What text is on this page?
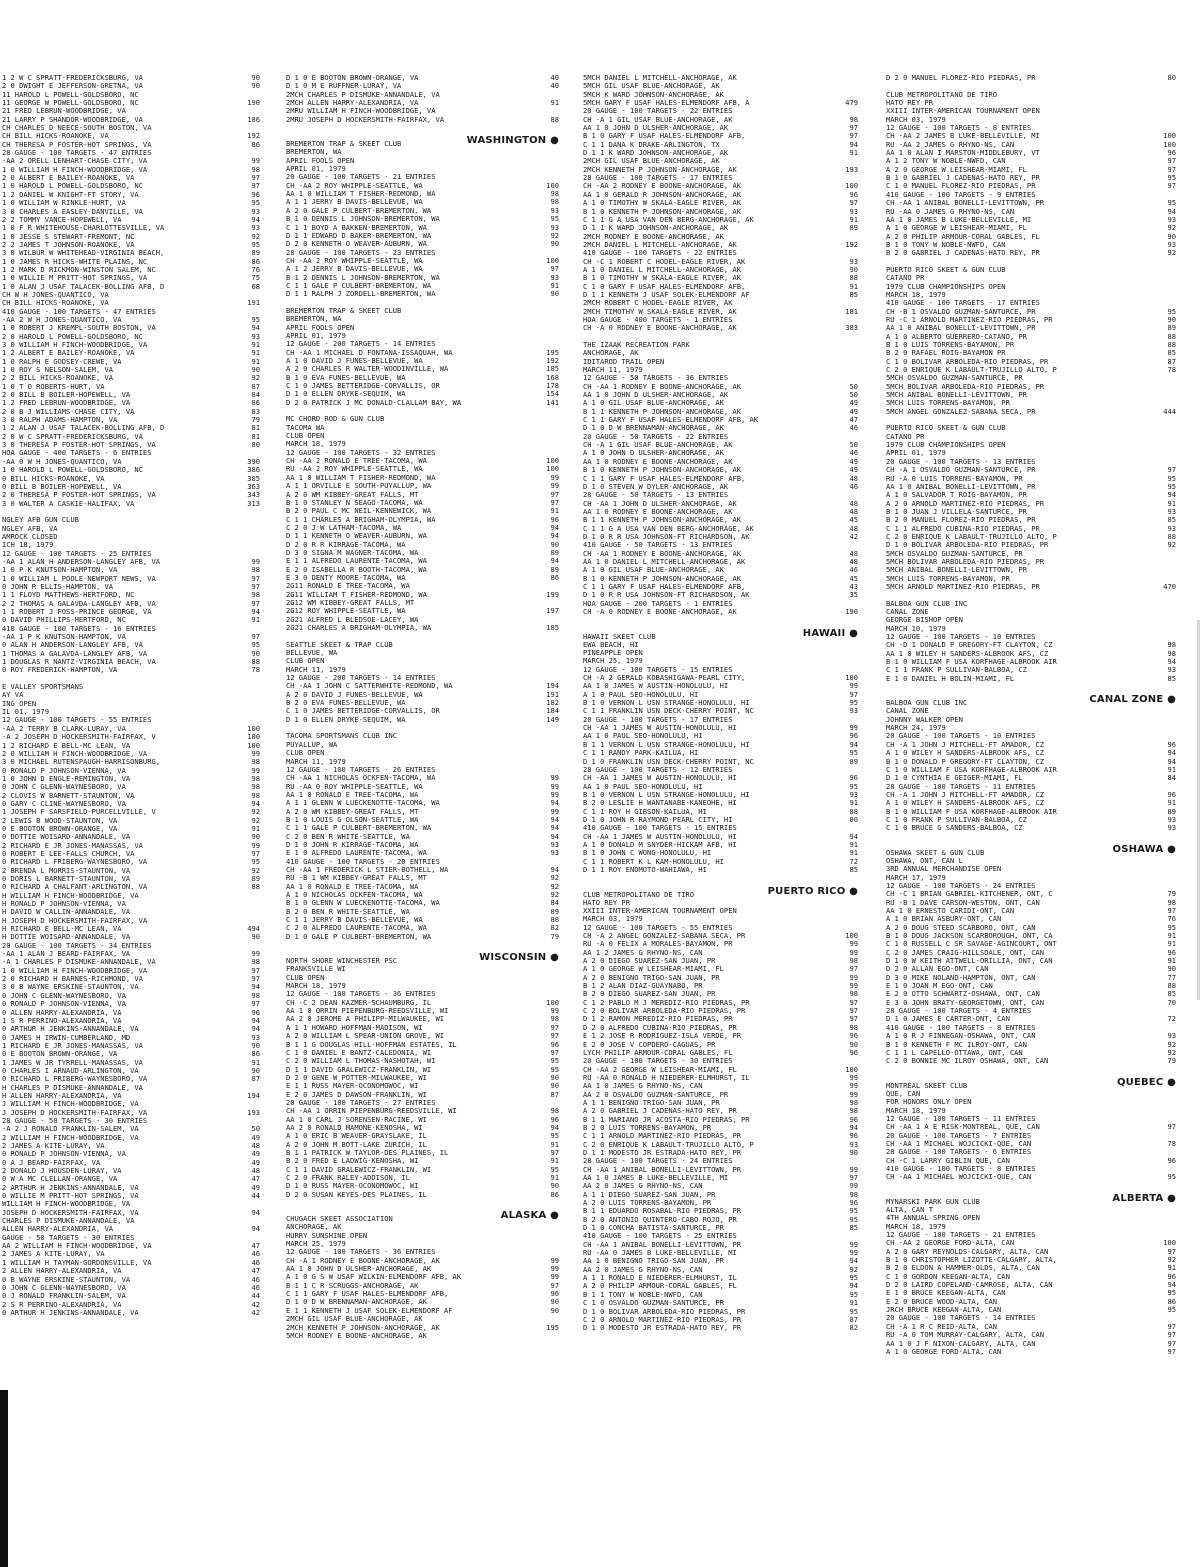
1 2 W C SPRATT-FREDERICKSBURG, VA	90
2 0 DWIGHT E JEFFERSON-GRETNA, VA	90
11 HAROLD L POWELL-GOLDSBORO, NC
11 GEORGE W POWELL-GOLDSBORO, NC	190
21 FRED LEBRUN-WOODBRIDGE, VA
21 LARRY P SHANDOR-WOODBRIDGE, VA	186
CH CHARLES D NEECE-SOUTH BOSTON, VA
CH BILL HICKS-ROANOKE, VA	192
CH THERESA P FOSTER-HOT SPRINGS, VA	86
28 GAUGE - 100 TARGETS - 47 ENTRIES
-AA 2 ORELL LENHART-CHASE CITY, VA	99
1 0 WILLIAM H FINCH-WOODBRIDGE, VA	98
2 0 ALBERT E BAILEY-ROANOKE, VA	97
1 0 HAROLD L POWELL-GOLDSBORO, NC	97
1 2 DANIEL W KNIGHT-FT STORY, VA	96
1 0 WILLIAM W RINKLE-HURT, VA	95
3 0 CHARLES A EASLEY-DANVILLE, VA	93
2 2 TOMMY VANCE-HOPEWELL, VA	94
1 0 F R WHITEHOUSE-CHARLOTTESVILLE, VA	93
1 0 JESSE S STEWART-FREMONT, NC	92
2 2 JAMES T JOHNSON-ROANOKE, VA	95
3 0 WILBUR W WHITEHEAD-VIRGINIA BEACH,	89
1 0 JAMES R HICKS-WHITE PLAINS, NC	86
1 2 MARK D RICKMON-WINSTON SALEM, NC	76
1 0 WILLIE M PRITT-HOT SPRINGS, VA	75
1 0 ALAN J USAF TALACEK-BOLLING AFB, D	68
CH W H JONES-QUANTICO, VA
CH BILL HICKS-ROANOKE, VA	191
410 GAUGE - 100 TARGETS - 47 ENTRIES
-AA 2 W H JONES-QUANTICO, VA	95
1 0 ROBERT J KREMPL-SOUTH BOSTON, VA	94
2 0 HAROLD L POWELL-GOLDSBORO, NC	93
3 0 WILLIAM H FINCH-WOODBRIDGE, VA	91
1 2 ALBERT E BAILEY-ROANOKE, VA	91
1 0 RALPH E GODSEY-CREWE, VA	91
1 0 ROY S NELSON-SALEM, VA	90
2 2 BILL HICKS-ROANOKE, VA	92
1 0 T O ROBERTS-HURT, VA	87
2 0 BILL B BOILER-HOPEWELL, VA	84
1 2 FRED LEBRUN-WOODBRIDGE, VA	86
2 0 B J WILLIAMS-CHASE CITY, VA	83
3 0 RALPH ADAMS-HAMPTON, VA	79
1 2 ALAN J USAF TALACEK-BOLLING AFB, D	81
2 0 W C SPRATT-FREDERICKSBURG, VA	81
3 0 THERESA P FOSTER-HOT SPRINGS, VA	80
HOA GAUGE - 400 TARGETS - 6 ENTRIES
-AA 0 W H JONES-QUANTICO, VA	390
1 0 HAROLD L POWELL-GOLDSBORO, NC	386
0 BILL HICKS-ROANOKE, VA	385
0 BILL B BOILER-HOPEWELL, VA	363
2 0 THERESA P FOSTER-HOT SPRINGS, VA	343
3 0 WALTER A CASKIE-HALIFAX, VA	313
NGLEY AFB GUN CLUB
NGLEY AFB, VA
AMROCK CLOSED
ICH 18, 1979
12 GAUGE - 100 TARGETS - 25 ENTRIES
-AA 1 ALAN H ANDERSON-LANGLEY AFB, VA	99
1 0 P K KNUTSON-HAMPTON, VA	98
1 0 WILLIAM L POOLE-NEWPORT NEWS, VA	97
0 JOHN R ELLIS-HAMPTON, VA	97
1 1 FLOYD MATTHEWS-HERTFORD, NC	98
2 2 THOMAS A GALAVDA-LANGLEY AFB, VA	97
1 1 ROBERT J FOSS-PRINCE GEORGE, VA	94
0 DAVID PHILLIPS-HERTFORD, NC	91
410 GAUGE - 100 TARGETS - 16 ENTRIES
-AA 1 P K KNUTSON-HAMPTON, VA	97
0 ALAN H ANDERSON-LANGLEY AFB, VA	95
1 THOMAS A GALAVDA-LANGLEY AFB, VA	90
1 DOUGLAS R NANTZ-VIRGINIA BEACH, VA	88
0 ROY FREDERICK-HAMPTON, VA	78
E VALLEY SPORTSMANS
AY VA
ING OPEN
IL 01, 1979
12 GAUGE - 100 TARGETS - 55 ENTRIES
-AA 2 TERRY B CLARK-LURAY, VA	100
-A 2 JOSEPH D HOCKERSMITH-FAIRFAX, V	100
1 2 RICHARD E BELL-MC LEAN, VA	100
2 0 WILLIAM H FINCH-WOODBRIDGE, VA	99
3 0 MICHAEL RUTENSPAUGH-HARRISONBURG,	98
0 RONALD P JOHNSON-VIENNA, VA	99
1 0 JOHN D ENGLE-REMINGTON, VA	98
0 JOHN C GLENN-WAYNESBORO, VA	98
2 CLOVIS W BARNETT-STAUNTON, VA	98
0 GARY C CLINE-WAYNESBORO, VA	94
1 JOSEPH F SARSFIELD-PURCELLVILLE, V	92
2 LEWIS B WOOD-STAUNTON, VA	92
0 E BOOTON BROWN-ORANGE, VA	91
0 DOTTIE WOISARD-ANNANDALE, VA	90
2 RICHARD E JR JONES-MANASSAS, VA	99
0 ROBERT E LEE-FALLS CHURCH, VA	97
0 RICHARD L FRIBERG-WAYNESBORO, VA	95
2 BRENDA L MORRIS-STAUNTON, VA	92
0 DORIS L BARNETT-STAUNTON, VA	89
0 RICHARD A CHALFANT-ARLINGTON, VA	88
H WILLIAM H FINCH-WOODBRIDGE, VA
H RONALD P JOHNSON-VIENNA, VA
H DAVID W CALLIN-ANNANDALE, VA
H JOSEPH D HOCKERSMITH-FAIRFAX, VA
H RICHARD E BELL-MC LEAN, VA	494
H DOTTIE WOISARD-ANNANDALE, VA	90
20 GAUGE - 100 TARGETS - 34 ENTRIES
-AA 1 ALAN J BEARD-FAIRFAX, VA	99
-A 1 CHARLES P DISMUKE-ANNANDALE, VA	98
1 0 WILLIAM H FINCH-WOODBRIDGE, VA	97
2 0 RICHARD H BARNES-RICHMOND, VA	97
3 0 B WAYNE ERSKINE-STAUNTON, VA	94
0 JOHN C GLENN-WAYNESBORO, VA	98
0 RONALD P JOHNSON-VIENNA, VA	97
0 ALLEN HARRY-ALEXANDRIA, VA	96
1 S R PERRINO-ALEXANDRIA, VA	94
0 ARTHUR H JENKINS-ANNANDALE, VA	94
0 JAMES H IRWIN-CUMBERLAND, MD	93
1 RICHARD E JR JONES-MANASSAS, VA	90
0 E BOOTON BROWN-ORANGE, VA	86
1 JAMES W JR TYRRELL-MANASSAS, VA	91
0 CHARLES I ARNAUD-ARLINGTON, VA	90
0 RICHARD L FRIBERG-WAYNESBORO, VA	87
H CHARLES P DISMUKE-ANNANDALE, VA
H ALLEN HARRY-ALEXANDRIA, VA	194
J WILLIAM H FINCH-WOODBRIDGE, VA
J JOSEPH D HOCKERSMITH-FAIRFAX, VA	193
28 GAUGE - 50 TARGETS - 30 ENTRIES
-A 2 J RONALD FRANKLIN-SALEM, VA	50
2 WILLIAM H FINCH-WOODBRIDGE, VA	49
2 JAMES A KITE-LURAY, VA	48
0 RONALD P JOHNSON-VIENNA, VA	49
0 A J BEARD-FAIRFAX, VA	49
2 DONALD J HOUSDEN-LURAY, VA	48
0 W A MC CLELLAN-ORANGE, VA	47
2 ARTHUR H JENKINS-ANNANDALE, VA	49
0 WILLIE M PRITT-HOT SPRINGS, VA	44
WILLIAM H FINCH-WOODBRIDGE, VA
JOSEPH D HOCKERSMITH-FAIRFAX, VA	94
CHARLES P DISMUKE-ANNANDALE, VA
ALLEN HARRY-ALEXANDRIA, VA	94
GAUGE - 50 TARGETS - 30 ENTRIES
AA 2 WILLIAM H FINCH-WOODBRIDGE, VA	47
2 JAMES A KITE-LURAY, VA	46
1 WILLIAM H TAYMAN-GORDONSVILLE, VA	46
2 ALLEN HARRY-ALEXANDRIA, VA	47
0 B WAYNE ERSKINE-STAUNTON, VA	46
0 JOHN C GLENN-WAYNESBORO, VA	46
0 J RONALD FRANKLIN-SALEM, VA	44
2 S R PERRINO-ALEXANDRIA, VA	42
0 ARTHUR H JENKINS-ANNANDALE, VA	42
D 1 0 E BOOTON BROWN-ORANGE, VA	40
D 1 0 M E RUFFNER-LURAY, VA	40
2MCH CHARLES P DISMUKE-ANNANDALE, VA
2MCH ALLEN HARRY-ALEXANDRIA, VA	91
2MRU WILLIAM H FINCH-WOODBRIDGE, VA
2MRU JOSEPH D HOCKERSMITH-FAIRFAX, VA	88
BREMERTON TRAP & SKEET CLUB	WASHINGTON ●
BREMERTON, WA
APRIL FOOLS OPEN
APRIL 01, 1979
20 GAUGE - 100 TARGETS - 21 ENTRIES
CH -AA 2 ROY WHIPPLE-SEATTLE, WA	100
AA 1 0 WILLIAM T FISHER-REDMOND, WA	98
A 1 1 JERRY B DAVIS-BELLEVUE, WA	98
A 2 0 GALE P CULBERT-BREMERTON, WA	93
B 1 0 DENNIS L JOHNSON-BREMERTON, WA	95
C 1 1 BOYD A BAKKEN-BREMERTON, WA	93
D 1 1 EDWARD D BAKER-BREMERTON, WA	92
D 2 0 KENNETH O WEAVER-AUBURN, WA	90
28 GAUGE - 100 TARGETS - 23 ENTRIES
CH -AA 2 ROY WHIPPLE-SEATTLE, WA	100
A 1 2 JERRY B DAVIS-BELLEVUE, WA	97
B 1 2 DENNIS L JOHNSON-BREMERTON, WA	93
C 1 1 GALE P CULBERT-BREMERTON, WA	91
D 1 1 RALPH J ZORDELL-BREMERTON, WA	90
BREMERTON TRAP & SKEET CLUB
BREMERTON, WA
APRIL FOOLS OPEN
APRIL 01, 1979
12 GAUGE - 200 TARGETS - 14 ENTRIES
CH -AA 1 MICHAEL D FONTANA-ISSAQUAH, WA	195
A 1 0 DAVID J FUNES-BELLEVUE, WA	192
A 2 0 CHARLES R WALTER-WOODINVILLE, WA	185
B 1 0 EVA FUNES-BELLEVUE, WA	168
C 1 0 JAMES BETTERIDGE-CORVALLIS, OR	178
D 1 0 ELLEN DRYKE-SEQUIM, WA	154
D 2 0 PATRICK J MC DONALD-CLALLAM BAY, WA	141
MC CHORD ROD & GUN CLUB
TACOMA WA
CLUB OPEN
MARCH 18, 1979
12 GAUGE - 100 TARGETS - 32 ENTRIES
CH -AA 2 RONALD E TREE-TACOMA, WA	100
RU -AA 2 ROY WHIPPLE-SEATTLE, WA	100
AA 1 0 WILLIAM T FISHER-REDMOND, WA	99
A 1 1 ORVILLE E SOUTH-PUYALLUP, WA	99
A 2 0 WM KIBBEY-GREAT FALLS, MT	97
B 1 0 STANLEY N SEAGO-TACOMA, WA	97
B 2 0 PAUL C MC NEIL-KENNEWICK, WA	91
C 1 1 CHARLES A BRIGHAM-OLYMPIA, WA	96
C 2 0 J W LATHAM-TACOMA, WA	94
D 1 1 KENNETH O WEAVER-AUBURN, WA	94
D 2 0 R R KIRRAGE-TACOMA, WA	90
D 3 0 SIGNA M WAGNER-TACOMA, WA	89
E 1 1 ALFREDO LAURENTE-TACOMA, WA	94
E 2 0 ISABELLA R BOOTH-TACOMA, WA	89
E 3 0 DENTY MOORE-TACOMA, WA	86
2G11 RONALD E TREE-TACOMA, WA
2G11 WILLIAM T FISHER-REDMOND, WA	199
2G12 WM KIBBEY-GREAT FALLS, MT
2G12 ROY WHIPPLE-SEATTLE, WA	197
2G21 ALFRED L BLEDSOE-LACEY, WA
2G21 CHARLES A BRIGHAM-OLYMPIA, WA	185
SEATTLE SKEET & TRAP CLUB
BELLEVUE, WA
CLUB OPEN
MARCH 11, 1979
12 GAUGE - 200 TARGETS - 14 ENTRIES
CH -AA 1 JOHN C SATTERWHITE-REDMOND, WA	194
A 2 0 DAVID J FUNES-BELLEVUE, WA	191
B 2 0 EVA FUNES-BELLEVUE, WA	182
C 1 0 JAMES BETTERIDGE-CORVALLIS, OR	184
D 1 0 ELLEN DRYKE-SEQUIM, WA	149
TACOMA SPORTSMANS CLUB INC
PUYALLUP, WA
CLUB OPEN
MARCH 11, 1979
12 GAUGE - 100 TARGETS - 26 ENTRIES
CH -AA 1 NICHOLAS OCKFEN-TACOMA, WA	99
RU -AA 0 ROY WHIPPLE-SEATTLE, WA	99
AA 1 0 RONALD E TREE-TACOMA, WA	99
A 1 1 GLENN W LUECKENOTTE-TACOMA, WA	94
A 2 0 WM KIBBEY-GREAT FALLS, MT	99
B 1 0 LOUIS G OLSON-SEATTLE, WA	94
C 1 1 GALE P CULBERT-BREMERTON, WA	94
C 2 0 BEN R WHITE-SEATTLE, WA	94
D 1 0 JOHN R KIRRAGE-TACOMA, WA	93
E 1 0 ALFREDO LAURENTE-TACOMA, WA	93
410 GAUGE - 100 TARGETS - 20 ENTRIES
CH -AA 1 FREDERICK L STIER-BOTHELL, WA	94
RU -B 1 WM KIBBEY-GREAT FALLS, MT	92
AA 1 0 RONALD E TREE-TACOMA, WA	92
A 1 0 NICHOLAS OCKFEN-TACOMA, WA	92
B 1 0 GLENN W LUECKENOTTE-TACOMA, WA	84
B 2 0 BEN R WHITE-SEATTLE, WA	89
C 1 1 JERRY B DAVIS-BELLEVUE, WA	88
C 2 0 ALFREDO LAURENTE-TACOMA, WA	82
D 1 0 GALE P CULBERT-BREMERTON, WA	79
NORTH SHORE WINCHESTER PSC	WISCONSIN ●
FRANKSVILLE WI
CLUB OPEN
MARCH 18, 1979
12 GAUGE - 100 TARGETS - 36 ENTRIES
CH -C 2 DEAN KAZMER-SCHAUMBURG, IL	100
AA 1 0 ORRIN PIEPENBURG-REEDSVILLE, WI	99
AA 2 0 JEROME A PHILIPP-MILWAUKEE, WI	98
A 1 1 HOWARD HOFFMAN-MADISON, WI	97
A 2 0 WILLIAM L SPEAR-UNION GROVE, WI	97
B 1 1 G DOUGLAS HILL-HOFFMAN ESTATES, IL	96
C 1 0 DANIEL E BANTZ-CALEDONIA, WI	97
C 2 0 WILLIAM L THOMAS-NASHOTAH, WI	95
D 1 1 DAVID GRALEWICZ-FRANKLIN, WI	95
D 2 0 GENE W POTTER-MILWAUKEE, WI	90
E 1 1 RUSS MAYER-OCONOMOWOC, WI	90
E 2 0 JAMES D DAWSON-FRANKLIN, WI	87
20 GAUGE - 100 TARGETS - 27 ENTRIES
CH -AA 1 ORRIN PIEPENBURG-REEDSVILLE, WI	98
AA 1 0 CARL J SORENSEN-RACINE, WI	96
AA 2 0 RONALD MAMONE-KENOSHA, WI	94
A 1 0 ERIC B WEAVER-GRAYSLAKE, IL	95
A 2 0 JOHN M BOTT-LAKE ZURICH, IL	91
B 1 1 PATRICK W TAYLOR-DES PLAINES, IL	97
B 2 0 FRED E LADWIG-KENOSHA, WI	91
C 1 1 DAVID GRALEWICZ-FRANKLIN, WI	95
C 2 0 FRANK RALEY-ADDISON, IL	91
D 1 0 RUSS MAYER-OCONOMOWOC, WI	90
D 2 0 SUSAN KEYES-DES PLAINES, IL	86
CHUGACH SKEET ASSOCIATION	ALASKA ●
ANCHORAGE, AK
HURRY SUNSHINE OPEN
MARCH 25, 1979
12 GAUGE - 100 TARGETS - 36 ENTRIES
CH -A 1 RODNEY E BOONE-ANCHORAGE, AK	99
AA 1 0 JOHN D ULSHER-ANCHORAGE, AK	99
A 1 0 G S W USAF WILKIN-ELMENDORF AFB, AK	99
B 1 1 C R SCRUGGS-ANCHORAGE, AK	97
C 1 1 GARY F USAF HALES-ELMENDORF AFB,	96
D 1 0 D W BRENNAMAN-ANCHORAGE, AK	90
E 1 1 KENNETH J USAF SOLEK-ELMENDORF AF	90
2MCH GIL USAF BLUE-ANCHORAGE, AK
2MCH KENNETH P JOHNSON-ANCHORAGE, AK	195
5MCH RODNEY E BOONE-ANCHORAGE, AK
5MCH DANIEL L MITCHELL-ANCHORAGE, AK
5MCH GIL USAF BLUE-ANCHORAGE, AK
5MCH K WARD JOHNSON-ANCHORAGE, AK
5MCH GARY F USAF HALES-ELMENDORF AFB, A	479
20 GAUGE - 100 TARGETS - 22 ENTRIES
CH -A 1 GIL USAF BLUE-ANCHORAGE, AK	98
AA 1 0 JOHN D ULSHER-ANCHORAGE, AK	97
B 1 0 GARY F USAF HALES-ELMENDORF AFB,	97
C 1 1 DANA K DRAKE-ARLINGTON, TX	94
D 1 1 K WARD JOHNSON-ANCHORAGE, AK	91
2MCH GIL USAF BLUE-ANCHORAGE, AK
2MCH KENNETH P JOHNSON-ANCHORAGE, AK	193
28 GAUGE - 100 TARGETS - 17 ENTRIES
CH -AA 2 RODNEY E BOONE-ANCHORAGE, AK	100
AA 1 0 GERALD R JOHNSON-ANCHORAGE, AK	96
A 1 0 TIMOTHY W SKALA-EAGLE RIVER, AK	97
B 1 0 KENNETH P JOHNSON-ANCHORAGE, AK	93
C 1 1 G A USA VAN DEN BERG-ANCHORAGE, AK	91
D 1 1 K WARD JOHNSON-ANCHORAGE, AK	89
2MCH RODNEY E BOONE-ANCHORAGE, AK
2MCH DANIEL L MITCHELL-ANCHORAGE, AK	192
410 GAUGE - 100 TARGETS - 22 ENTRIES
CH -C 1 ROBERT C HODEL-EAGLE RIVER, AK	93
A 1 0 DANIEL L MITCHELL-ANCHORAGE, AK	90
B 1 0 TIMOTHY W SKALA-EAGLE RIVER, AK	88
C 1 0 GARY F USAF HALES-ELMENDORF AFB,	91
D 1 1 KENNETH J USAF SOLEK-ELMENDORF AF	85
2MCH ROBERT C HODEL-EAGLE RIVER, AK
2MCH TIMOTHY W SKALA-EAGLE RIVER, AK	181
HOA GAUGE - 400 TARGETS - 1 ENTRIES
CH -A 0 RODNEY E BOONE-ANCHORAGE, AK	383
THE IZAAK RECREATION PARK
ANCHORAGE, AK
IDITAROD TRAIL OPEN
MARCH 11, 1979
12 GAUGE - 50 TARGETS - 36 ENTRIES
CH -AA 1 RODNEY E BOONE-ANCHORAGE, AK	50
AA 1 0 JOHN D ULSHER-ANCHORAGE, AK	50
A 1 0 GIL USAF BLUE-ANCHORAGE, AK	49
B 1 1 KENNETH P JOHNSON-ANCHORAGE, AK	49
C 1 1 GARY F USAF HALES-ELMENDORF AFB, AK	47
D 1 0 D W BRENNAMAN-ANCHORAGE, AK	46
20 GAUGE - 50 TARGETS - 22 ENTRIES
CH -A 1 GIL USAF BLUE-ANCHORAGE, AK	50
A 1 0 JOHN D ULSHER-ANCHORAGE, AK	46
AA 1 0 RODNEY E BOONE-ANCHORAGE, AK	49
B 1 0 KENNETH P JOHNSON-ANCHORAGE, AK	49
C 1 1 GARY F USAF HALES-ELMENDORF AFB,	48
D 1 0 STEVEN W DYLER-ANCHORAGE, AK	46
28 GAUGE - 50 TARGETS - 13 ENTRIES
CH -AA 1 JOHN D ULSHER-ANCHORAGE, AK	48
AA 1 0 RODNEY E BOONE-ANCHORAGE, AK	48
B 1 1 KENNETH P JOHNSON-ANCHORAGE, AK	45
C 1 1 G A USA VAN DEN BERG-ANCHORAGE, AK	48
D 1 0 R R USA JOHNSON-FT RICHARDSON, AK	42
410 GAUGE - 50 TARGETS - 13 ENTRIES
CH -AA 1 RODNEY E BOONE-ANCHORAGE, AK	48
AA 1 0 DANIEL L MITCHELL-ANCHORAGE, AK	48
A 1 0 GIL USAF BLUE-ANCHORAGE, AK	46
B 1 0 KENNETH P JOHNSON-ANCHORAGE, AK	45
C 1 1 GARY F USAF HALES-ELMENDORF AFB,	43
D 1 0 R R USA JOHNSON-FT RICHARDSON, AK	35
HOA GAUGE - 200 TARGETS - 1 ENTRIES
CH -A 0 RODNEY E BOONE-ANCHORAGE, AK	190
HAWAII SKEET CLUB	HAWAII ●
EWA BEACH, HI
PINEAPPLE OPEN
MARCH 25, 1979
12 GAUGE - 100 TARGETS - 15 ENTRIES
CH -A 2 GERALD KOBASHIGAWA-PEARL CITY,	100
AA 1 0 JAMES W AUSTIN-HONOLULU, HI	99
A 1 0 PAUL SEO-HONOLULU, HI	97
B 1 0 VERNON L USN STRANGE-HONOLULU, HI	95
C 1 1 FRANKLIN USN DECK-CHERRY POINT, NC	93
20 GAUGE - 100 TARGETS - 17 ENTRIES
CH -AA 1 JAMES W AUSTIN-HONOLULU, HI	99
AA 1 0 PAUL SEO-HONOLULU, HI	96
B 1 1 VERNON L USN STRANGE-HONOLULU, HI	94
C 1 1 RANDY PARK-KAILUA, HI	95
D 1 0 FRANKLIN USN DECK-CHERRY POINT, NC	89
28 GAUGE - 100 TARGETS - 12 ENTRIES
CH -AA 1 JAMES W AUSTIN-HONOLULU, HI	96
AA 1 0 PAUL SEO-HONOLULU, HI	95
B 1 0 VERNON L USN STRANGE-HONOLULU, HI	93
B 2 0 LESLIE H WANTANABE-KANEOHE, HI	91
C 1 1 ROY H GIBSON-KAILUA, HI	88
D 1 0 JOHN R RAYMOND-PEARL CITY, HI	80
410 GAUGE - 100 TARGETS - 15 ENTRIES
CH -AA 1 JAMES W AUSTIN-HONOLULU, HI	94
A 1 0 DONALD M SNYDER-HICKAM AFB, HI	91
B 1 0 JOHN C WONG-HONOLULU, HI	91
C 1 1 ROBERT K L KAM-HONOLULU, HI	72
D 1 1 ROY ENOMOTO-WAHIAWA, HI	85
CLUB METROPOLITANO DE TIRO	PUERTO RICO ●
HATO REY PR
XXIII INTER-AMERICAN TOURNAMENT OPEN
MARCH 03, 1979
12 GAUGE - 100 TARGETS - 55 ENTRIES
CH -A 2 ANGEL GONZALEZ-SABANA SECA, PR	100
RU -A 0 FELIX A MORALES-BAYAMON, PR	99
AA 1 2 JAMES G RHYNO-NS, CAN	99
A 2 0 DIEGO SUAREZ-SAN JUAN, PR	98
A 1 0 GEORGE W LEISHEAR-MIAMI, FL	97
A 2 0 BENIGNO TRIGO-SAN JUAN, PR	99
B 1 2 ALAN DIAZ-GUAYNABO, PR	99
B 2 0 DIEGO SUAREZ-SAN JUAN, PR	98
C 1 2 PABLO M J MEREDIZ-RIO PIEDRAS, PR	97
C 2 0 BOLIVAR ARBOLEDA-RIO PIEDRAS, PR	97
D 1 2 RAMON MEREDIZ-RIO PIEDRAS, PR	97
D 2 0 ALFREDO CUBINA-RIO PIEDRAS, PR	98
E 1 2 JOSE R RODRIGUEZ-ISLA VERDE, PR	96
E 2 0 JOSE V COPDERO-CAGUAS, PR	90
LYCH PHILIP ARMOUR-CORAL GABLES, FL	96
20 GAUGE - 100 TARGETS - 30 ENTRIES
CH -AA 2 GEORGE W LEISHEAR-MIAMI, FL	100
RU -AA 0 RONALD H NIEDERER-ELMHURST, IL	99
AA 1 0 JAMES G RHYNO-NS, CAN	99
AA 2 0 OSVALDO GUZMAN-SANTURCE, PR	99
A 1 1 BENIGNO TRIGO-SAN JUAN, PR	98
A 2 0 GABRIEL J CADENAS-HATO REY, PR	98
B 1 1 MARIANO JR ACOSTA-RIO PIEDRAS, PR	96
B 2 0 LUIS TORRENS-BAYAMON, PR	94
C 1 1 ARNOLD MARTINEZ-RIO PIEDRAS, PR	96
C 2 0 ENRIQUE K LABAULT-TRUJILLO ALTO, P	93
D 1 1 MODESTO JR ESTRADA-HATO REY, PR	90
28 GAUGE - 100 TARGETS - 24 ENTRIES
CH -AA 1 ANIBAL BONELLI-LEVITTOWN, PR	99
AA 1 0 JAMES B LUKE-BELLEVILLE, MI	97
AA 2 0 JAMES G RHYNO-NS, CAN	99
A 1 1 DIEGO SUAREZ-SAN JUAN, PR	98
A 2 0 LUIS TORRENS-BAYAMON, PR	96
B 1 1 EDUARDO ROSABAL-RIO PIEDRAS, PR	95
B 2 0 ANTONIO QUINTERO-CABO ROJO, PR	95
D 1 0 CONCHA BATISTA-SANTURCE, PR	85
410 GAUGE - 100 TARGETS - 25 ENTRIES
CH -AA 1 ANIBAL BONELLI-LEVITTOWN, PR	99
RU -AA 0 JAMES B LUKE-BELLEVILLE, MI	99
AA 1 0 BENIGNO TRIGO-SAN JUAN, PR	94
AA 2 0 JAMES G RHYNO-NS, CAN	92
A 1 1 RONALD E NIEDERER-ELMHURST, IL	95
A 2 0 PHILIP ARMOUR-CORAL GABLES, FL	94
B 1 1 TONY W NOBLE-NWFD, CAN	95
C 1 0 OSVALDO GUZMAN-SANTURCE, PR	91
D 1 0 BOLIVAR ARBOLEDA-RIO PIEDRAS, PR	95
C 2 0 ARNOLD MARTINEZ-RIO PIEDRAS, PR	87
D 1 0 MODESTO JR ESTRADA-HATO REY, PR	82
D 2 0 MANUEL FLOREZ-RIO PIEDRAS, PR	80
CLUB METROPOLITANO DE TIRO
HATO REY PR
XXIII INTER-AMERICAN TOURNAMENT OPEN
MARCH 03, 1979
12 GAUGE - 100 TARGETS - 8 ENTRIES
CH -AA 2 JAMES B LUKE-BELLEVILLE, MI	100
RU -AA 2 JAMES G RHYNO-NS, CAN	100
AA 1 0 ALAN I MARSTON-MIDDLEBURY, VT	96
A 1 2 TONY W NOBLE-NWFD, CAN	97
A 2 0 GEORGE W LEISHEAR-MIAMI, FL	97
B 1 0 GABRIEL J CADENAS-HATO REY, PR	95
C 1 0 MANUEL FLOREZ-RIO PIEDRAS, PR	97
410 GAUGE - 100 TARGETS - 9 ENTRIES
CH -AA 1 ANIBAL BONELLI-LEVITTOWN, PR	95
RU -AA 0 JAMES G RHYNO-NS, CAN	94
AA 1 0 JAMES B LUKE-BELLEVILLE, MI	93
A 1 0 GEORGE W LEISHEAR-MIAMI, FL	92
A 2 0 PHILIP ARMOUR-CORAL GABLES, FL	90
B 1 0 TONY W NOBLE-NWFD, CAN	93
B 2 0 GABRIEL J CADENAS-HATO REY, PR	92
PUERTO RICO SKEET & GUN CLUB
CATANO PR
1979 CLUB CHAMPIONSHIPS OPEN
MARCH 18, 1979
410 GAUGE - 100 TARGETS - 17 ENTRIES
CH -B 1 OSVALDO GUZMAN-SANTURCE, PR	95
RU -C 1 ARNOLD MARTINEZ-RIO PIEDRAS, PR	90
AA 1 0 ANIBAL BONELLI-LEVITTOWN, PR	89
A 1 0 ALBERTO GUERRERO-CATANO, PR	88
B 1 0 LUIS TORRENS-BAYAMON, PR	88
B 2 0 RAFAEL ROIG-BAYAMON PR	85
C 1 0 BOLIVAR ARBOLEDA-RIO PIEDRAS, PR	87
C 2 0 ENRIQUE K LABAULT-TRUJILLO ALTO, P	78
5MCH OSVALDO GUZMAN-SANTURCE, PR
5MCH BOLIVAR ARBOLEDA-RIO PIEDRAS, PR
5MCH ANIBAL BONELLI-LEVITTOWN, PR
5MCH LUIS TORRENS-BAYAMON, PR
5MCH ANGEL GONZALEZ-SABANA SECA, PR	444
PUERTO RICO SKEET & GUN CLUB
CATANO PR
1979 CLUB CHAMPIONSHIPS OPEN
APRIL 01, 1979
20 GAUGE - 100 TARGETS - 13 ENTRIES
CH -A 1 OSVALDO GUZMAN-SANTURCE, PR	97
RU -A 0 LUIS TORRENS-BAYAMON, PR	95
AA 1 0 ANIBAL BONELLI-LEVITTOWN, PR	95
A 1 0 SALVADOR T ROIG-BAYAMON, PR	94
A 2 0 ARNOLD MARTINEZ-RIO PIEDRAS, PR	91
B 1 0 JUAN J VILLELA-SANTURCE, PR	93
B 2 0 MANUEL FLOREZ-RIO PIEDRAS, PR	85
C 1 1 ALFREDO CUBINA-RIO PIEDRAS, PR	93
C 2 0 ENRIQUE K LABAULT-TRUJILLO ALTO, P	88
D 1 0 BOLIVAR ARBOLEDA-RIO PIEDRAS, PR	92
5MCH OSVALDO GUZMAN-SANTURCE, PR
5MCH BOLIVAR ARBOLEDA-RIO PIEDRAS, PR
5MCH ANIBAL BONELLI-LEVITTOWN, PR
5MCH LUIS TORRENS-BAYAMON, PR
5MCH ARNOLD MARTINEZ-RIO PIEDRAS, PR	470
BALBOA GUN CLUB INC
CANAL ZONE
GEORGE BISHOP OPEN
MARCH 10, 1979
12 GAUGE - 100 TARGETS - 10 ENTRIES
CH -D 1 DONALD P GREGORY-FT CLAYTON, CZ	98
AA 1 0 WILEY H SANDERS-ALBROOK AFS, CZ	98
B 1 0 WILLIAM F USA KORFHAGE-ALBROOK AIR	94
C 1 1 FRANK P SULLIVAN-BALBOA, CZ	93
E 1 0 DANIEL H BOLIN-MIAMI, FL	85
BALBOA GUN CLUB INC	CANAL ZONE ●
CANAL ZONE
JOHNNY WALKER OPEN
MARCH 24, 1979
20 GAUGE - 100 TARGETS - 10 ENTRIES
CH -A 1 JOHN J MITCHELL-FT AMADOR, CZ	96
A 1 0 WILEY H SANDERS-ALBROOK AFS, CZ	94
B 1 0 DONALD P GREGORY-FT CLAYTON, CZ	94
C 1 0 WILLIAM F USA KORFHAGE-ALBROOK AIR	91
D 1 0 CYNTHIA E GEIGER-MIAMI, FL	84
28 GAUGE - 100 TARGETS - 11 ENTRIES
CH -A 1 JOHN J MITCHELL-FT AMADOR, CZ	96
A 1 0 WILEY H SANDERS-ALBROOK AFS, CZ	91
B 1 0 WILLIAM F USA KORFHAGE-ALBROOK AIR	89
C 1 0 FRANK P SULLIVAN-BALBOA, CZ	93
C 1 0 BRUCE G SANDERS-BALBOA, CZ	93
OSHAWA SKEET & GUN CLUB	OSHAWA ●
OSHAWA, ONT, CAN L
3RD ANNUAL MERCHANDISE OPEN
MARCH 17, 1979
12 GAUGE - 100 TARGETS - 24 ENTRIES
CH -C 1 BRIAN GABRIEL-KITCHENER, ONT, C	79
RU -B 1 DAVE CARSON-WESTON, ONT, CAN	98
AA 1 0 ERNESTO CARIDI-ONT, CAN	97
A 1 0 BRIAN ASBURY-ONT, CAN	76
A 2 0 DOUG STEED SCARBORO, ONT, CAN	95
B 1 0 DOUG JACKSON SCARBOROUGH, ONT, CA	91
C 1 0 RUSSELL C SR SAVAGE-AGINCOURT, ONT	91
C 2 0 JAMES CRAIG-HILLSDALE, ONT, CAN	96
D 1 0 W KEITH ATTWELL-ORILLIA, ONT, CAN	91
D 2 0 ALLAN EGO-ONT, CAN	90
D 3 0 MIKE NOLAND-HAMPTON, ONT, CAN	77
E 1 0 JOAN M EGO-ONT, CAN	88
E 2 0 OTTO SCHWARTZ-OSHAWA, ONT, CAN	85
E 3 0 JOHN BRATY-GEORGETOWN, ONT, CAN	70
28 GAUGE - 100 TARGETS - 4 ENTRIES
D 1 0 JAMES E CARTER-ONT, CAN	72
410 GAUGE - 100 TARGETS - 8 ENTRIES
A 1 0 R J FINNEGAN-OSHAWA, ONT, CAN	93
B 1 0 KENNETH F MC ILROY-ONT, CAN	92
C 1 1 L CAPELLO-OTTAWA, ONT, CAN	92
C 2 0 BONNIE MC ILROY OSHAWA, ONT, CAN	79
MONTREAL SKEET CLUB	QUEBEC ●
QUE, CAN
FOR HONORS ONLY OPEN
MARCH 18, 1979
12 GAUGE - 100 TARGETS - 11 ENTRIES
CH -AA 1 A E RISK-MONTREAL, QUE, CAN	97
20 GAUGE - 100 TARGETS - 7 ENTRIES
CH -AA 1 MICHAEL WOJCICKI-QUE, CAN	78
28 GAUGE - 100 TARGETS - 6 ENTRIES
CH -C 1 LARRY GIBLIN QUE, CAN	96
410 GAUGE - 100 TARGETS - 8 ENTRIES
CH -AA 1 MICHAEL WOJCICKI-QUE, CAN	95
MYNARSKI PARK GUN CLUB	ALBERTA ●
ALTA, CAN T
4TH ANNUAL SPRING OPEN
MARCH 18, 1979
12 GAUGE - 100 TARGETS - 21 ENTRIES
CH -AA 2 GEORGE FORD-ALTA, CAN	100
A 2 0 GARY REYNOLDS-CALGARY, ALTA, CAN	97
B 1 0 CHRISTOPHER LIZOTTE-CALGARY, ALTA,	92
B 2 0 ELDON A HAMMER-OLDS, ALTA, CAN	91
C 1 0 GORDON KEEGAN-ALTA, CAN	96
D 2 0 LAIRD COPELAND-CAMROSE, ALTA, CAN	94
E 1 0 BRUCE KEEGAN-ALTA, CAN	95
E 2 0 BRUCE WOOD-ALTA, CAN	86
JRCH BRUCE KEEGAN-ALTA, CAN	95
20 GAUGE - 100 TARGETS - 14 ENTRIES
CH -A 1 R C REID-ALTA, CAN	97
RU -A 0 TOM MURRAY-CALGARY, ALTA, CAN	97
AA 1 0 J F NIXON-CALGARY, ALTA, CAN	97
A 1 0 GEORGE FORD-ALTA, CAN	97
